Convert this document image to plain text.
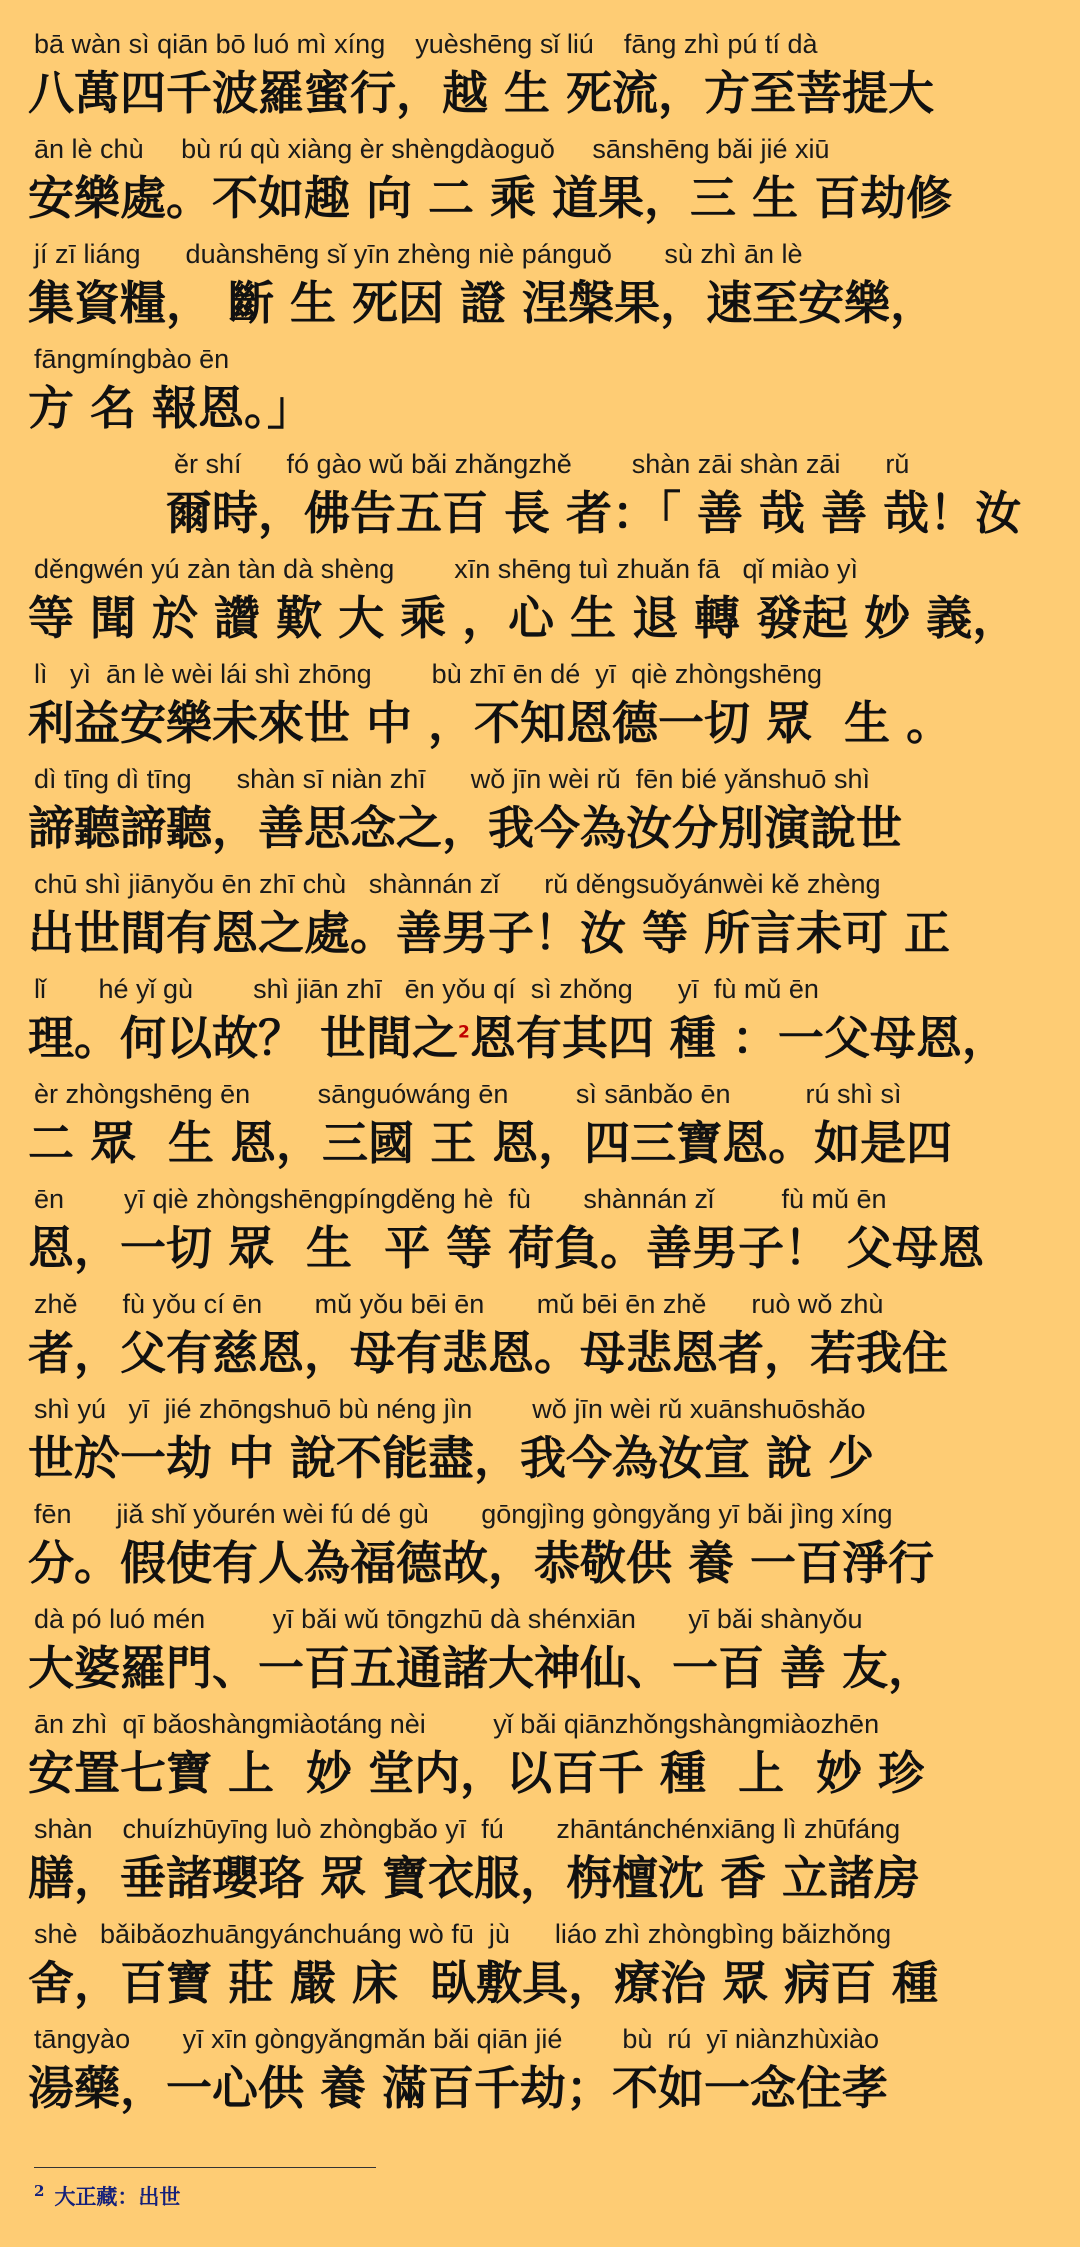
bā wàn sì qiān bō luó mì xíng    yuèshēng sǐ liú    fāng zhì pú tí dà
八萬四千波羅蜜行，越 生 死流，方至菩提大
ān lè chù     bù rú qù xiàng èr shèngdàoguǒ     sānshēng bǎi jié xiū
安樂處。不如趣 向 二 乘 道果，三 生 百劫修
jí zī liáng      duànshēng sǐ yīn zhèng niè pánguǒ       sù zhì ān lè
集資糧， 斷 生 死因 證 涅槃果，速至安樂，
fāngmíngbào ēn
方 名 報恩。」
ěr shí      fó gào wǔ bǎi zhǎngzhě        shàn zāi shàn zāi      rǔ
爾時，佛告五百 長 者：「 善 哉 善 哉！汝
děngwén yú zàn tàn dà shèng        xīn shēng tuì zhuǎn fā   qǐ miào yì
等 聞 於 讚 歎 大 乘 ，心 生 退 轉 發起 妙 義，
lì   yì  ān lè wèi lái shì zhōng        bù zhī ēn dé  yī  qiè zhòngshēng
利益安樂未來世 中 ，不知恩德一切 眾  生 。
dì tīng dì tīng      shàn sī niàn zhī      wǒ jīn wèi rǔ  fēn bié yǎnshuō shì
諦聽諦聽，善思念之，我今為汝分別演說世
chū shì jiānyǒu ēn zhī chù   shànnán zǐ      rǔ děngsuǒyánwèi kě zhèng
出世間有恩之處。善男子！汝 等 所言未可 正
lǐ       hé yǐ gù        shì jiān zhī   ēn yǒu qí  sì zhǒng      yī  fù mǔ ēn
理。何以故？ 世間之$^2$恩有其四 種 ：一父母恩，
èr zhòngshēng ēn         sānguówáng ēn         sì sānbǎo ēn          rú shì sì
二 眾  生 恩，三國 王 恩，四三寶恩。如是四
ēn        yī qiè zhòngshēngpíngděng hè  fù       shànnán zǐ         fù mǔ ēn
恩，一切 眾  生  平 等 荷負。善男子！ 父母恩
zhě      fù yǒu cí ēn       mǔ yǒu bēi ēn       mǔ bēi ēn zhě      ruò wǒ zhù
者，父有慈恩，母有悲恩。母悲恩者，若我住
shì yú   yī  jié zhōngshuō bù néng jìn        wǒ jīn wèi rǔ xuānshuōshǎo
世於一劫 中 說不能盡，我今為汝宣 說 少
fēn      jiǎ shǐ yǒurén wèi fú dé gù       gōngjìng gòngyǎng yī bǎi jìng xíng
分。假使有人為福德故，恭敬供 養 一百淨行
dà pó luó mén         yī bǎi wǔ tōngzhū dà shénxiān       yī bǎi shànyǒu
大婆羅門、一百五通諸大神仙、一百 善 友，
ān zhì  qī bǎoshàngmiàotáng nèi         yǐ bǎi qiānzhǒngshàngmiàozhēn
安置七寶 上  妙 堂内，以百千 種  上  妙 珍
shàn    chuízhūyīng luò zhòngbǎo yī  fú       zhāntánchénxiāng lì zhūfáng
膳，垂諸瓔珞 眾 寶衣服，栴檀沈 香 立諸房
shè   bǎibǎozhuāngyánchuáng wò fū  jù      liáo zhì zhòngbìng bǎizhǒng
舍，百寶 莊 嚴 床  臥敷具，療治 眾 病百 種
tāngyào       yī xīn gòngyǎngmǎn bǎi qiān jié        bù  rú  yī niànzhùxiào
湯藥，一心供 養 滿百千劫；不如一念住孝
$^2$ 大正藏：出世
